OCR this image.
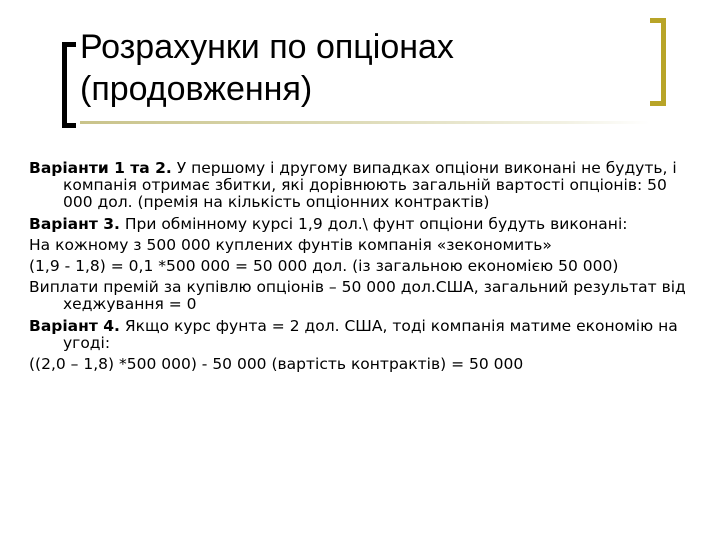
Розрахунки по опціонах
(продовження)

Варіанти 1 та 2. У першому і другому випадках опціони виконані не будуть, і компанія отримає збитки, які дорівнюють загальній вартості опціонів: 50 000 дол. (премія на кількість опціонних контрактів)

Варіант 3. При обмінному курсі 1,9 дол.\ фунт опціони будуть виконані:

На кожному з 500 000 куплених фунтів компанія «зекономить»

(1,9 - 1,8) = 0,1 *500 000 = 50 000 дол. (із загальною економією 50 000)

Виплати премій за купівлю опціонів – 50 000 дол.США, загальний результат від хеджування = 0

Варіант 4. Якщо курс фунта = 2 дол. США, тоді компанія матиме економію на угоді:

((2,0 – 1,8) *500 000) - 50 000 (вартість контрактів) = 50 000
